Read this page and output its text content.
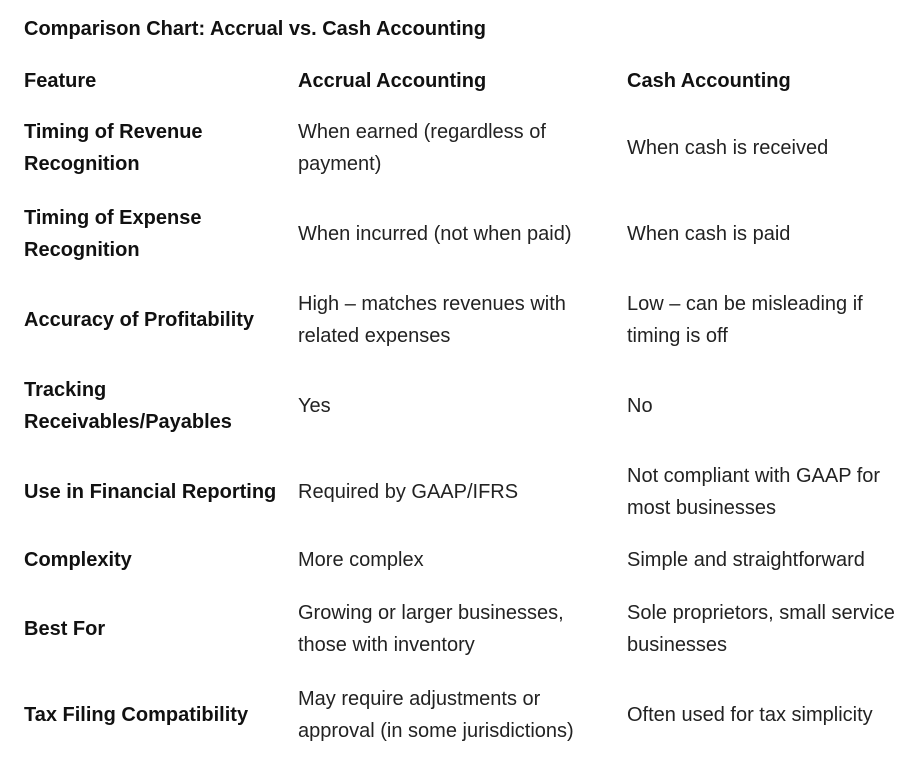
Comparison Chart: Accrual vs. Cash Accounting
Feature	Accrual Accounting	Cash Accounting

Timing of Revenue Recognition	When earned (regardless of payment)	When cash is received

Timing of Expense Recognition	When incurred (not when paid)	When cash is paid

Accuracy of Profitability	High – matches revenues with related expenses	Low – can be misleading if timing is off

Tracking Receivables/Payables	Yes	No

Use in Financial Reporting	Required by GAAP/IFRS	Not compliant with GAAP for most businesses

Complexity	More complex	Simple and straightforward

Best For	Growing or larger businesses, those with inventory	Sole proprietors, small service businesses

Tax Filing Compatibility	May require adjustments or approval (in some jurisdictions)	Often used for tax simplicity
